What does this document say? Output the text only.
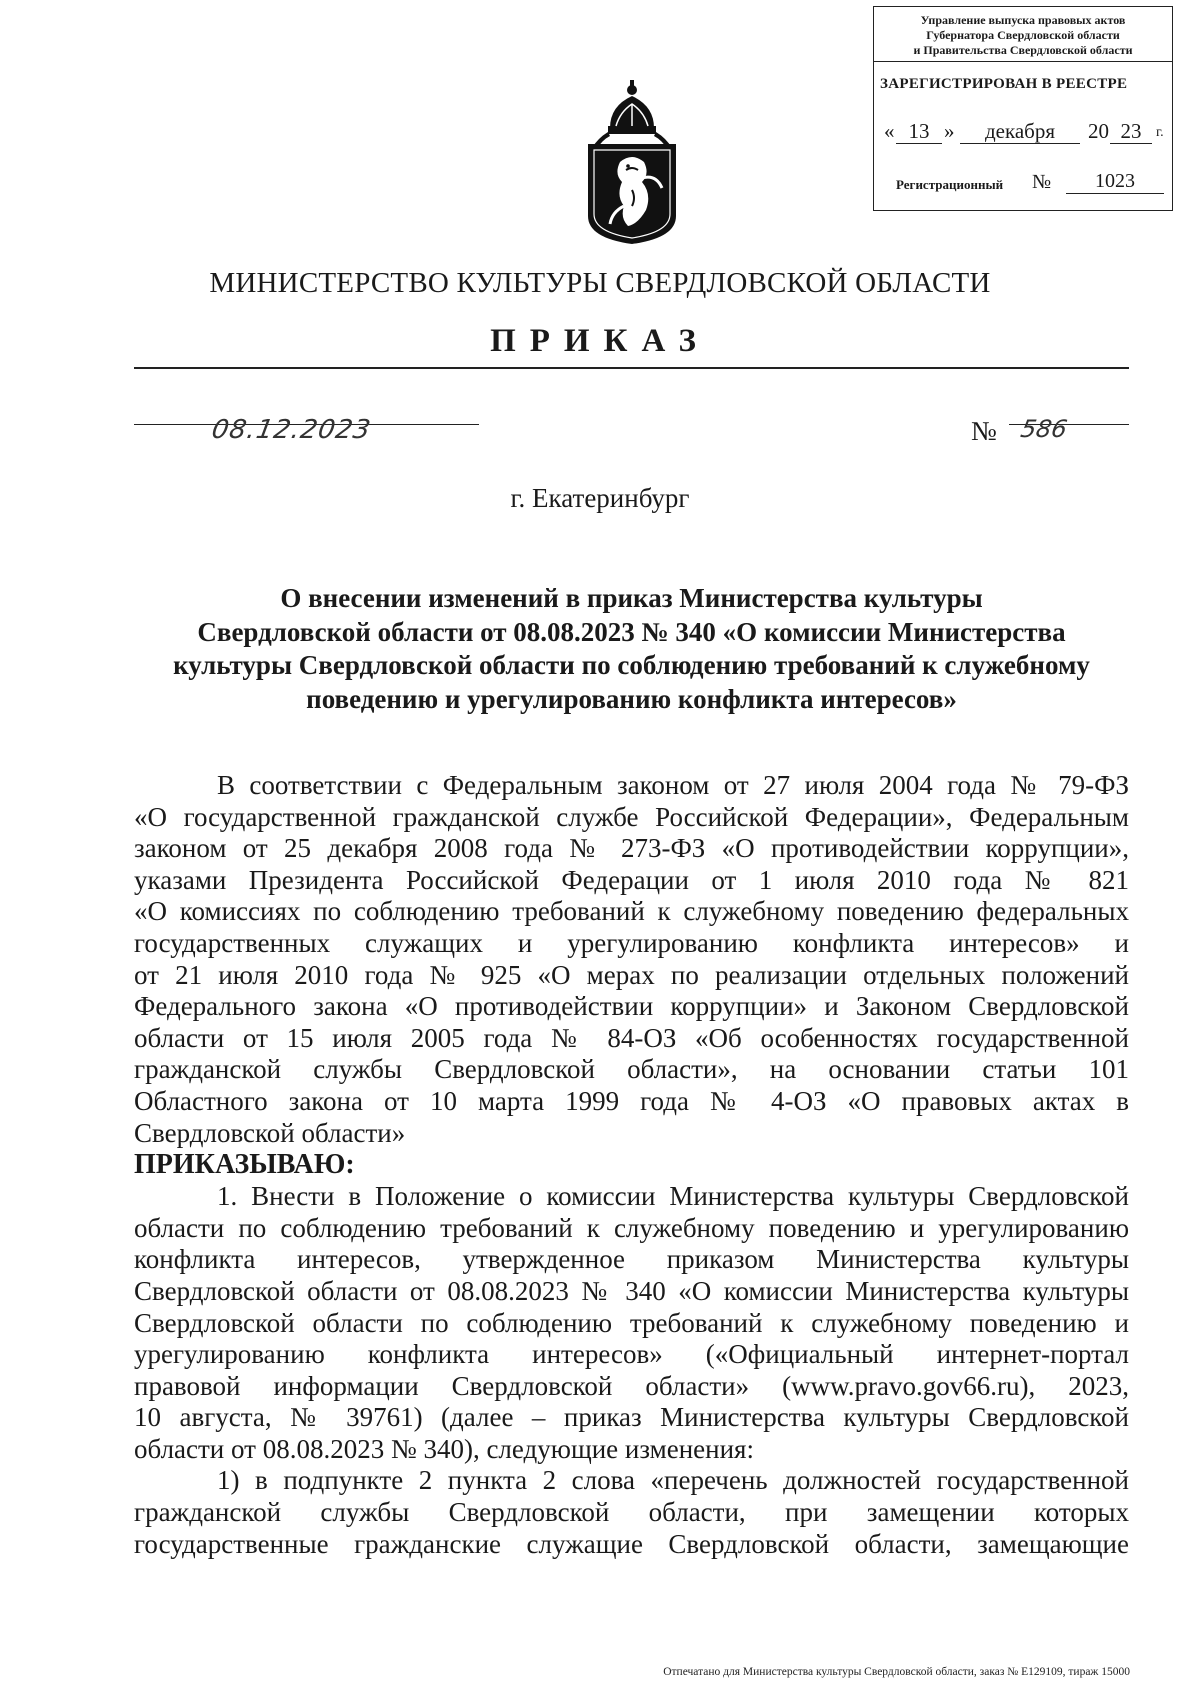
Управление выпуска правовых актов
Губернатора Свердловской области
и Правительства Свердловской области
ЗАРЕГИСТРИРОВАН В РЕЕСТРЕ
« 13 »	декабря	20 23	г.
Регистрационный №	1023
МИНИСТЕРСТВО КУЛЬТУРЫ СВЕРДЛОВСКОЙ ОБЛАСТИ
ПРИКАЗ
08.12.2023	№ 586
г. Екатеринбург
О внесении изменений в приказ Министерства культуры
Свердловской области от 08.08.2023 № 340 «О комиссии Министерства
культуры Свердловской области по соблюдению требований к служебному
поведению и урегулированию конфликта интересов»
В соответствии с Федеральным законом от 27 июля 2004 года № 79-ФЗ
«О государственной гражданской службе Российской Федерации», Федеральным
законом от 25 декабря 2008 года № 273-ФЗ «О противодействии коррупции»,
указами Президента Российской Федерации от 1 июля 2010 года № 821
«О комиссиях по соблюдению требований к служебному поведению федеральных
государственных служащих и урегулированию конфликта интересов» и
от 21 июля 2010 года № 925 «О мерах по реализации отдельных положений
Федерального закона «О противодействии коррупции» и Законом Свердловской
области от 15 июля 2005 года № 84-ОЗ «Об особенностях государственной
гражданской службы Свердловской области», на основании статьи 101
Областного закона от 10 марта 1999 года № 4-ОЗ «О правовых актах в
Свердловской области»
ПРИКАЗЫВАЮ:
1. Внести в Положение о комиссии Министерства культуры Свердловской
области по соблюдению требований к служебному поведению и урегулированию
конфликта интересов, утвержденное приказом Министерства культуры
Свердловской области от 08.08.2023 № 340 «О комиссии Министерства культуры
Свердловской области по соблюдению требований к служебному поведению и
урегулированию конфликта интересов» («Официальный интернет-портал
правовой информации Свердловской области» (www.pravo.gov66.ru), 2023,
10 августа, № 39761) (далее – приказ Министерства культуры Свердловской
области от 08.08.2023 № 340), следующие изменения:
1) в подпункте 2 пункта 2 слова «перечень должностей государственной
гражданской службы Свердловской области, при замещении которых
государственные гражданские служащие Свердловской области, замещающие
Отпечатано для Министерства культуры Свердловской области, заказ № Е129109, тираж 15000
